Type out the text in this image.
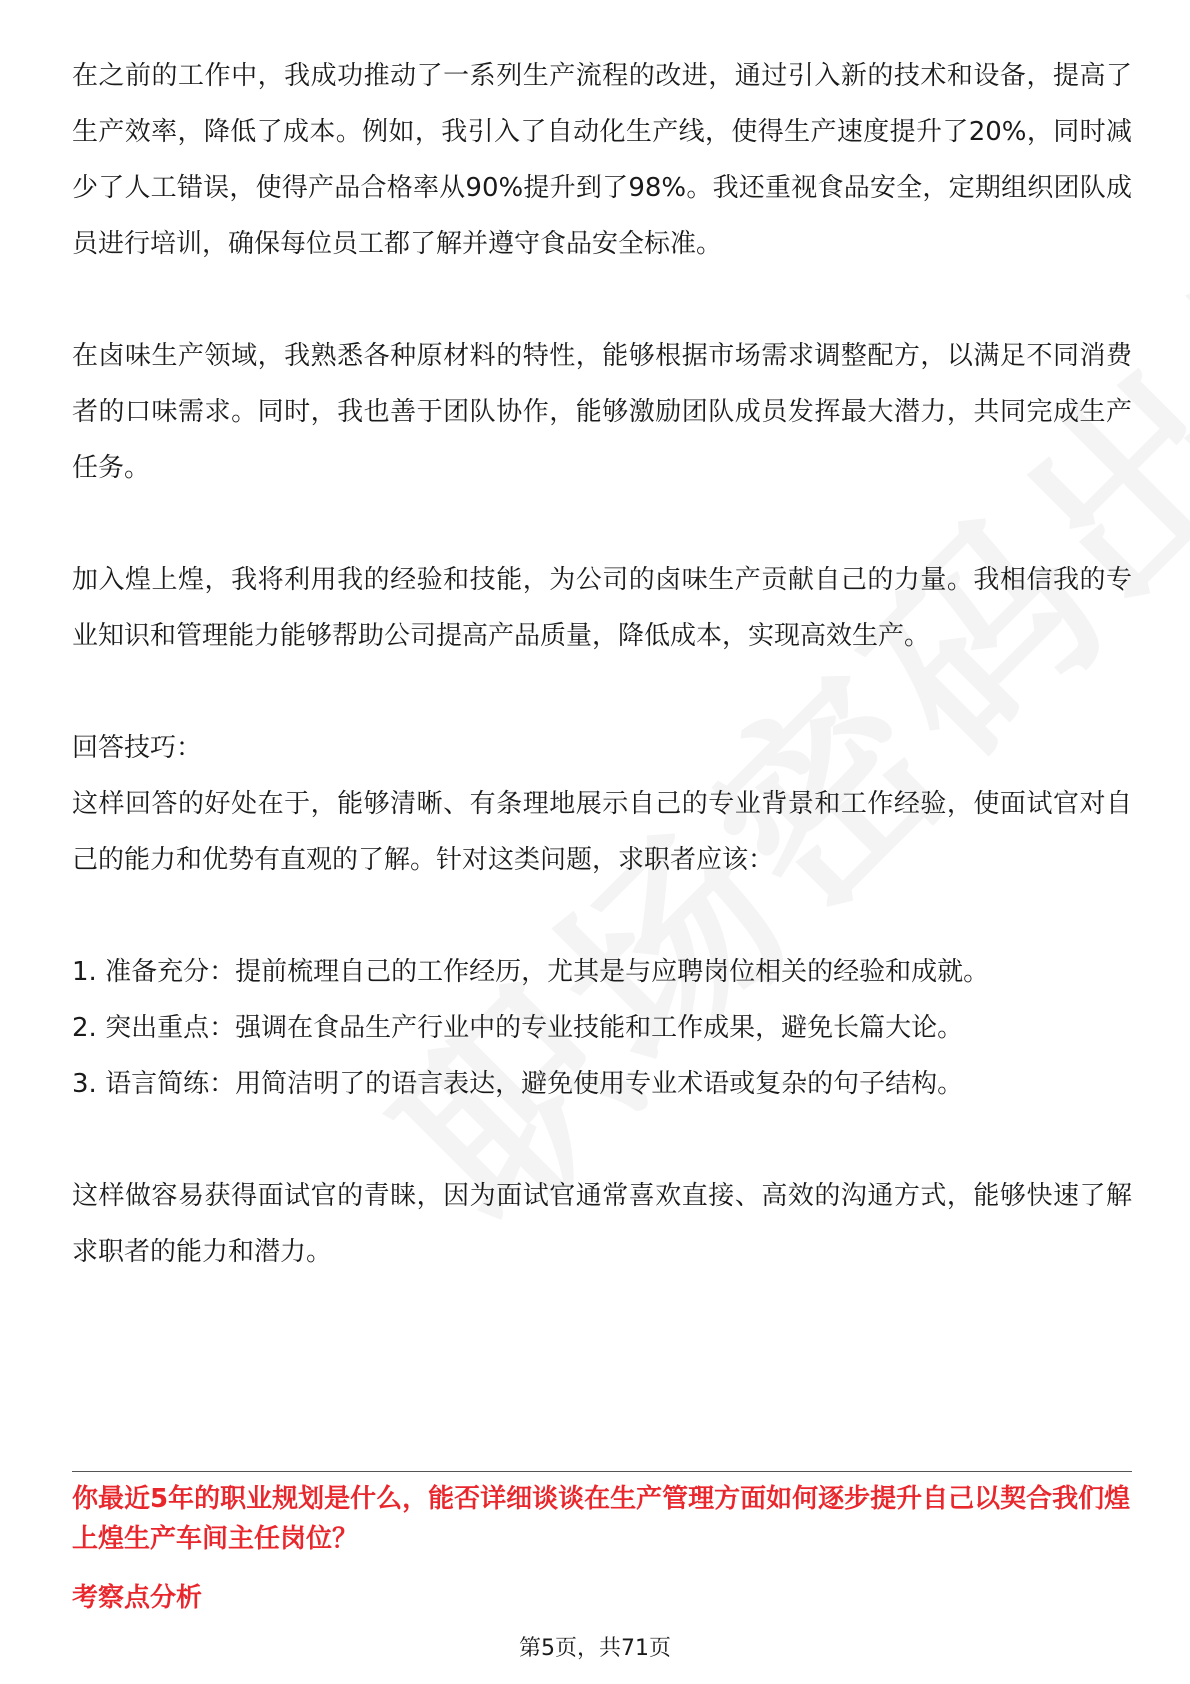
在之前的工作中，我成功推动了一系列生产流程的改进，通过引入新的技术和设备，提高了生产效率，降低了成本。例如，我引入了自动化生产线，使得生产速度提升了20%，同时减少了人工错误，使得产品合格率从90%提升到了98%。我还重视食品安全，定期组织团队成员进行培训，确保每位员工都了解并遵守食品安全标准。

在卤味生产领域，我熟悉各种原材料的特性，能够根据市场需求调整配方，以满足不同消费者的口味需求。同时，我也善于团队协作，能够激励团队成员发挥最大潜力，共同完成生产任务。

加入煌上煌，我将利用我的经验和技能，为公司的卤味生产贡献自己的力量。我相信我的专业知识和管理能力能够帮助公司提高产品质量，降低成本，实现高效生产。

回答技巧：

这样回答的好处在于，能够清晰、有条理地展示自己的专业背景和工作经验，使面试官对自己的能力和优势有直观的了解。针对这类问题，求职者应该：

1. 准备充分：提前梳理自己的工作经历，尤其是与应聘岗位相关的经验和成就。

2. 突出重点：强调在食品生产行业中的专业技能和工作成果，避免长篇大论。

3. 语言简练：用简洁明了的语言表达，避免使用专业术语或复杂的句子结构。

这样做容易获得面试官的青睐，因为面试官通常喜欢直接、高效的沟通方式，能够快速了解求职者的能力和潜力。

你最近5年的职业规划是什么，能否详细谈谈在生产管理方面如何逐步提升自己以契合我们煌上煌生产车间主任岗位？

考察点分析

第5页，共71页
